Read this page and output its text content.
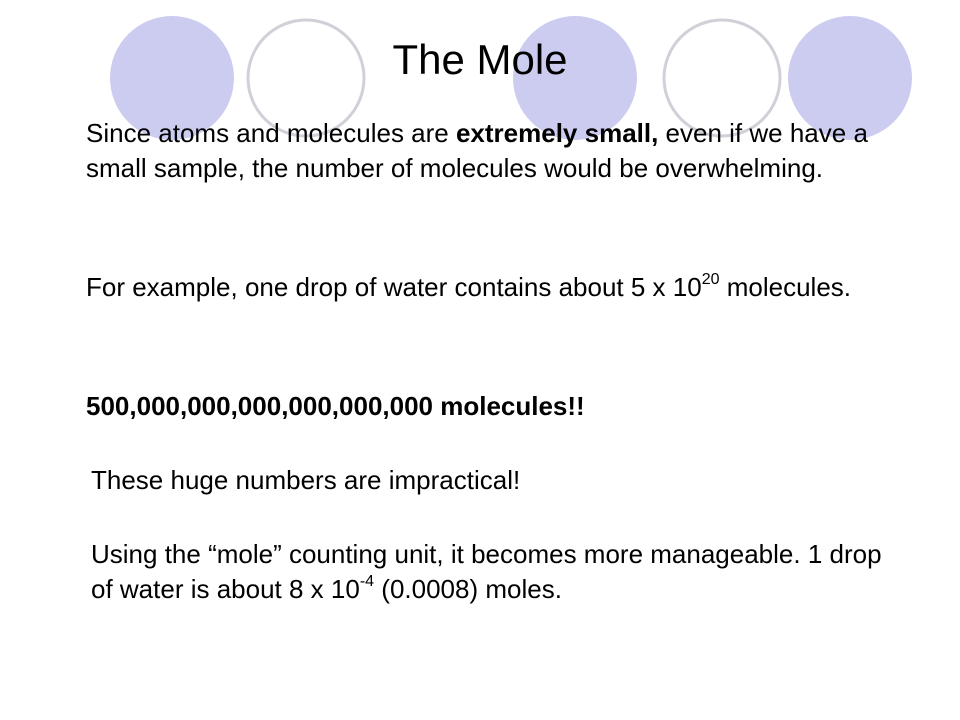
The Mole

Since atoms and molecules are extremely small, even if we have a small sample, the number of molecules would be overwhelming.

For example, one drop of water contains about 5 x $10^{20}$ molecules.

500,000,000,000,000,000,000 molecules!!

These huge numbers are impractical!

Using the “mole” counting unit, it becomes more manageable. 1 drop of water is about 8 x $10^{-4}$ (0.0008) moles.
